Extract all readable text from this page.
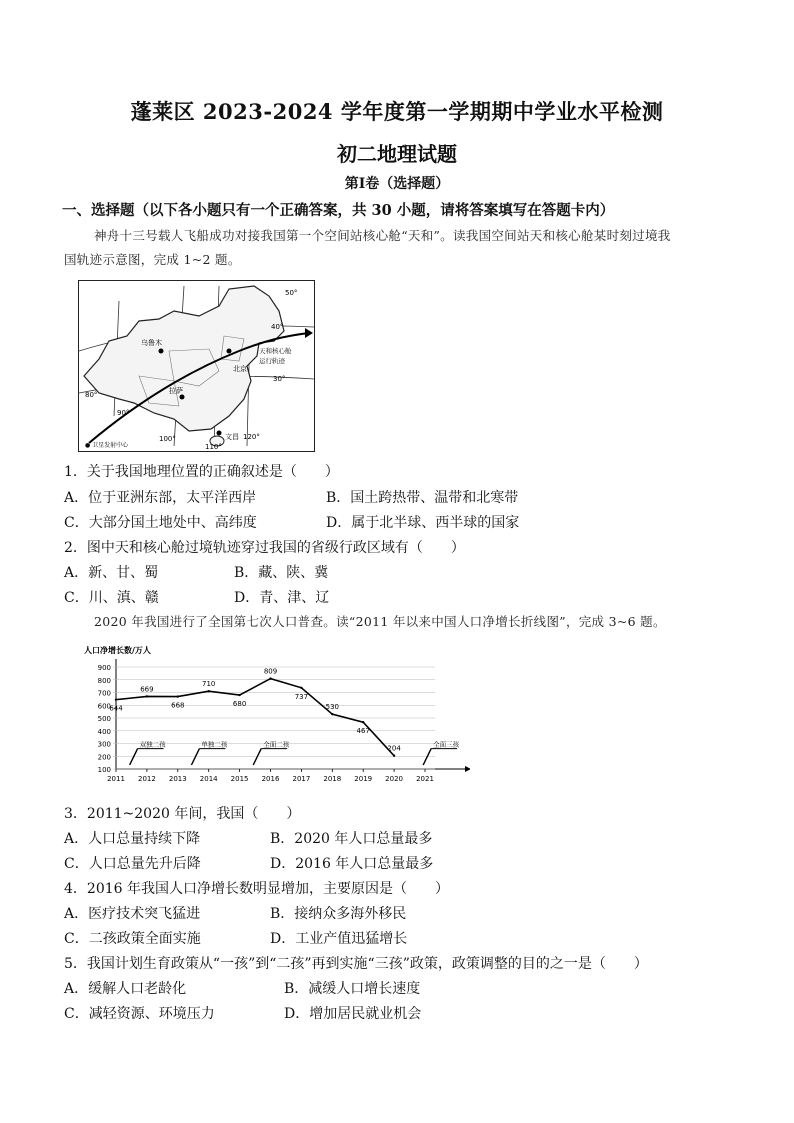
蓬莱区 2023-2024 学年度第一学期期中学业水平检测
初二地理试题
第Ⅰ卷（选择题）
一、选择题（以下各小题只有一个正确答案，共 30 小题，请将答案填写在答题卡内）
神舟十三号载人飞船成功对接我国第一个空间站核心舱“天和”。读我国空间站天和核心舱某时刻过境我
国轨迹示意图，完成 1~2 题。
50°
40°
30°
80°
90°
100°
110°
120°
乌鲁木
北京
拉萨
文昌
天和核心舱
运行轨迹
● 卫星发射中心
1．关于我国地理位置的正确叙述是（　　）
A．位于亚洲东部，太平洋西岸	B．国土跨热带、温带和北寒带
C．大部分国土地处中、高纬度	D．属于北半球、西半球的国家
2．图中天和核心舱过境轨迹穿过我国的省级行政区域有（　　）
A．新、甘、蜀	B．藏、陕、冀
C．川、滇、赣	D．青、津、辽
2020 年我国进行了全国第七次人口普查。读“2011 年以来中国人口净增长折线图”，完成 3~6 题。
人口净增长数/万人
100
200
300
400
500
600
700
800
900
2011 2012 2013 2014 2015 2016 2017 2018 2019 2020 2021
644
669
668
710
680
809
737
530
467
204
双独二孩	单独二孩	全面二孩	全面三孩
3．2011~2020 年间，我国（　　）
A．人口总量持续下降	B．2020 年人口总量最多
C．人口总量先升后降	D．2016 年人口总量最多
4．2016 年我国人口净增长数明显增加，主要原因是（　　）
A．医疗技术突飞猛进	B．接纳众多海外移民
C．二孩政策全面实施	D．工业产值迅猛增长
5．我国计划生育政策从“一孩”到“二孩”再到实施“三孩”政策，政策调整的目的之一是（　　）
A．缓解人口老龄化	B．减缓人口增长速度
C．减轻资源、环境压力	D．增加居民就业机会
